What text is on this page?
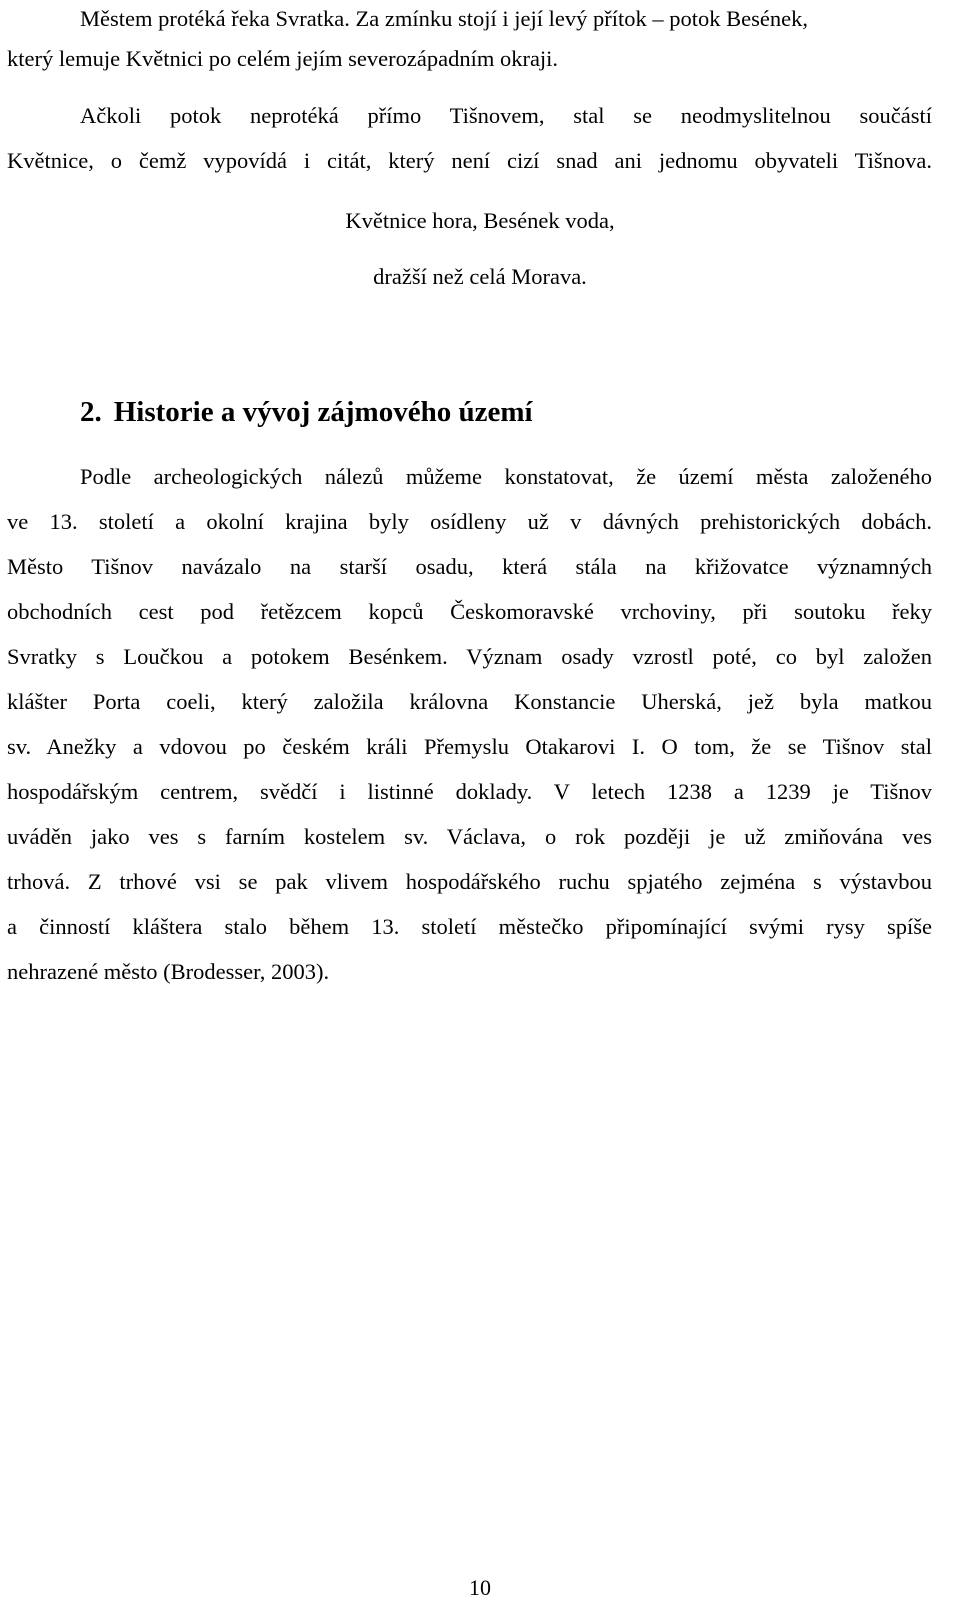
Městem protéká řeka Svratka. Za zmínku stojí i její levý přítok – potok Besének,

který lemuje Květnici po celém jejím severozápadním okraji.

Ačkoli potok neprotéká přímo Tišnovem, stal se neodmyslitelnou součástí

Květnice, o čemž vypovídá i citát, který není cizí snad ani jednomu obyvateli Tišnova.

Květnice hora, Besének voda,

dražší než celá Morava.

2. Historie a vývoj zájmového území

Podle archeologických nálezů můžeme konstatovat, že území města založeného

ve 13. století a okolní krajina byly osídleny už v dávných prehistorických dobách.

Město Tišnov navázalo na starší osadu, která stála na křižovatce významných

obchodních cest pod řetězcem kopců Českomoravské vrchoviny, při soutoku řeky

Svratky s Loučkou a potokem Besénkem. Význam osady vzrostl poté, co byl založen

klášter Porta coeli, který založila královna Konstancie Uherská, jež byla matkou

sv. Anežky a vdovou po českém králi Přemyslu Otakarovi I. O tom, že se Tišnov stal

hospodářským centrem, svědčí i listinné doklady. V letech 1238 a 1239 je Tišnov

uváděn jako ves s farním kostelem sv. Václava, o rok později je už zmiňována ves

trhová. Z trhové vsi se pak vlivem hospodářského ruchu spjatého zejména s výstavbou

a činností kláštera stalo během 13. století městečko připomínající svými rysy spíše

nehrazené město (Brodesser, 2003).

10
